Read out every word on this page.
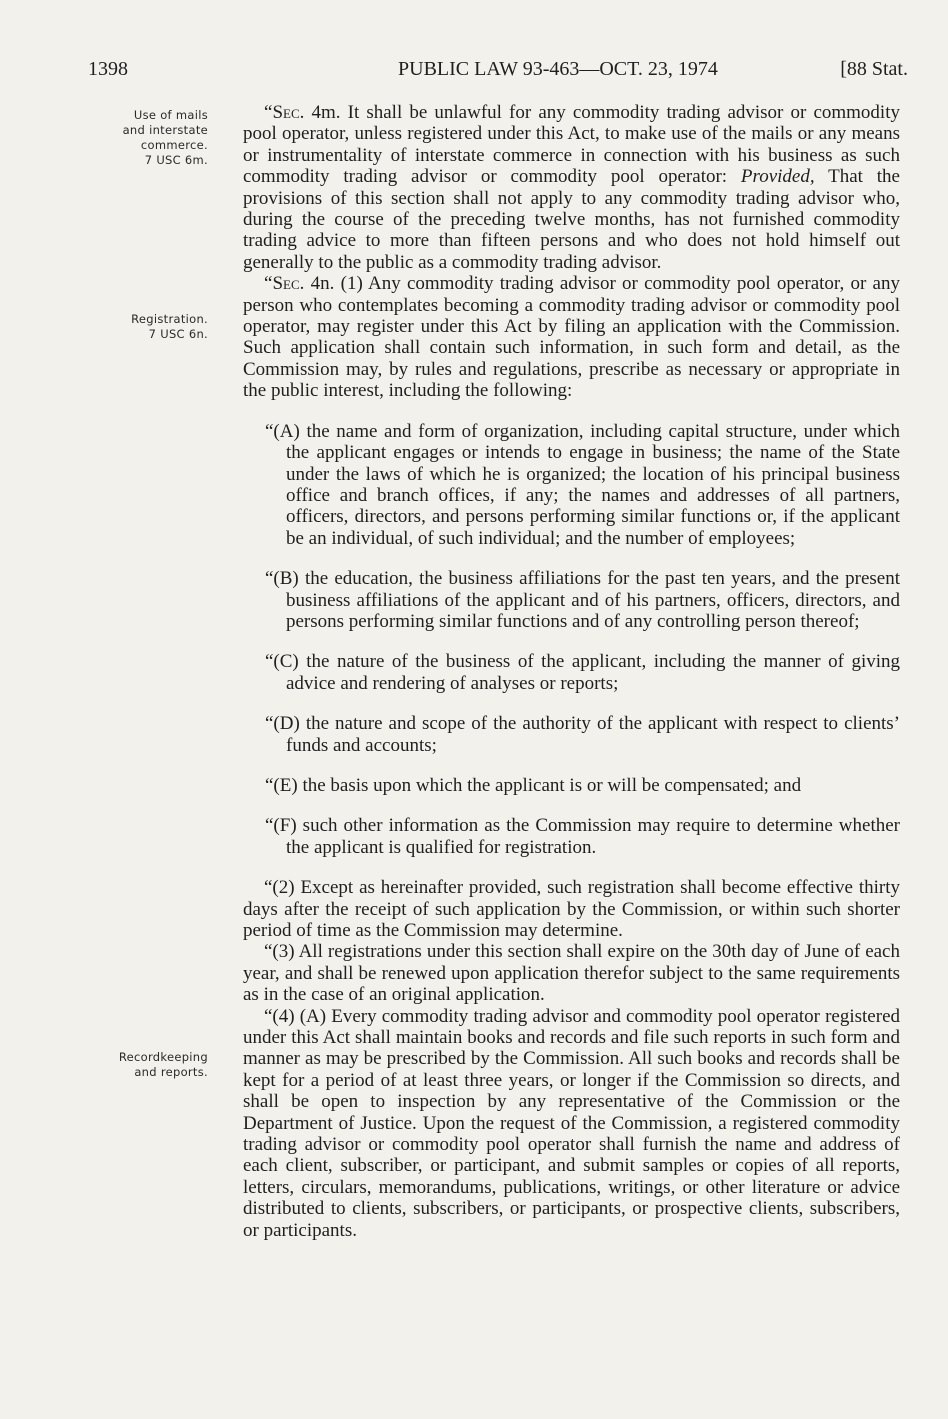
1398	PUBLIC LAW 93-463—OCT. 23, 1974	[88 Stat.
Use of mails
and interstate
commerce.
7 USC 6m.
Registration.
7 USC 6n.
Recordkeeping
and reports.

“Sec. 4m. It shall be unlawful for any commodity trading advisor or commodity pool operator, unless registered under this Act, to make use of the mails or any means or instrumentality of interstate commerce in connection with his business as such commodity trading advisor or commodity pool operator: Provided, That the provisions of this section shall not apply to any commodity trading advisor who, during the course of the preceding twelve months, has not furnished commodity trading advice to more than fifteen persons and who does not hold himself out generally to the public as a commodity trading advisor.

“Sec. 4n. (1) Any commodity trading advisor or commodity pool operator, or any person who contemplates becoming a commodity trading advisor or commodity pool operator, may register under this Act by filing an application with the Commission. Such application shall contain such information, in such form and detail, as the Commission may, by rules and regulations, prescribe as necessary or appropriate in the public interest, including the following:

“(A) the name and form of organization, including capital structure, under which the applicant engages or intends to engage in business; the name of the State under the laws of which he is organized; the location of his principal business office and branch offices, if any; the names and addresses of all partners, officers, directors, and persons performing similar functions or, if the applicant be an individual, of such individual; and the number of employees;

“(B) the education, the business affiliations for the past ten years, and the present business affiliations of the applicant and of his partners, officers, directors, and persons performing similar functions and of any controlling person thereof;

“(C) the nature of the business of the applicant, including the manner of giving advice and rendering of analyses or reports;

“(D) the nature and scope of the authority of the applicant with respect to clients’ funds and accounts;

“(E) the basis upon which the applicant is or will be compensated; and

“(F) such other information as the Commission may require to determine whether the applicant is qualified for registration.

“(2) Except as hereinafter provided, such registration shall become effective thirty days after the receipt of such application by the Commission, or within such shorter period of time as the Commission may determine.

“(3) All registrations under this section shall expire on the 30th day of June of each year, and shall be renewed upon application therefor subject to the same requirements as in the case of an original application.

“(4) (A) Every commodity trading advisor and commodity pool operator registered under this Act shall maintain books and records and file such reports in such form and manner as may be prescribed by the Commission. All such books and records shall be kept for a period of at least three years, or longer if the Commission so directs, and shall be open to inspection by any representative of the Commission or the Department of Justice. Upon the request of the Commission, a registered commodity trading advisor or commodity pool operator shall furnish the name and address of each client, subscriber, or participant, and submit samples or copies of all reports, letters, circulars, memorandums, publications, writings, or other literature or advice distributed to clients, subscribers, or participants, or prospective clients, subscribers, or participants.
